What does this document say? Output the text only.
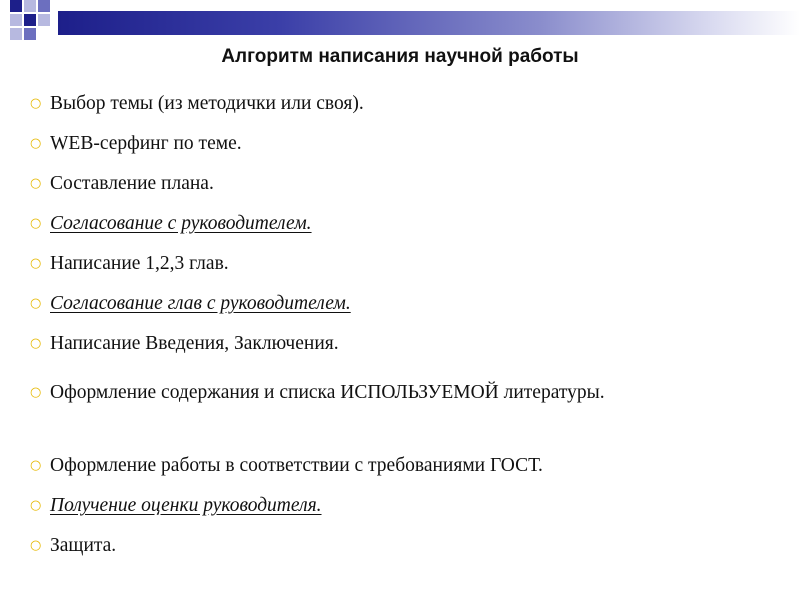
Алгоритм написания научной работы
○ Выбор темы (из методички или своя).
○ WEB-серфинг по теме.
○ Составление плана.
○ Согласование с руководителем.
○ Написание 1,2,3 глав.
○ Согласование глав с руководителем.
○ Написание Введения, Заключения.
○ Оформление содержания и списка ИСПОЛЬЗУЕМОЙ литературы.
○ Оформление работы в соответствии с требованиями ГОСТ.
○ Получение оценки руководителя.
○ Защита.
